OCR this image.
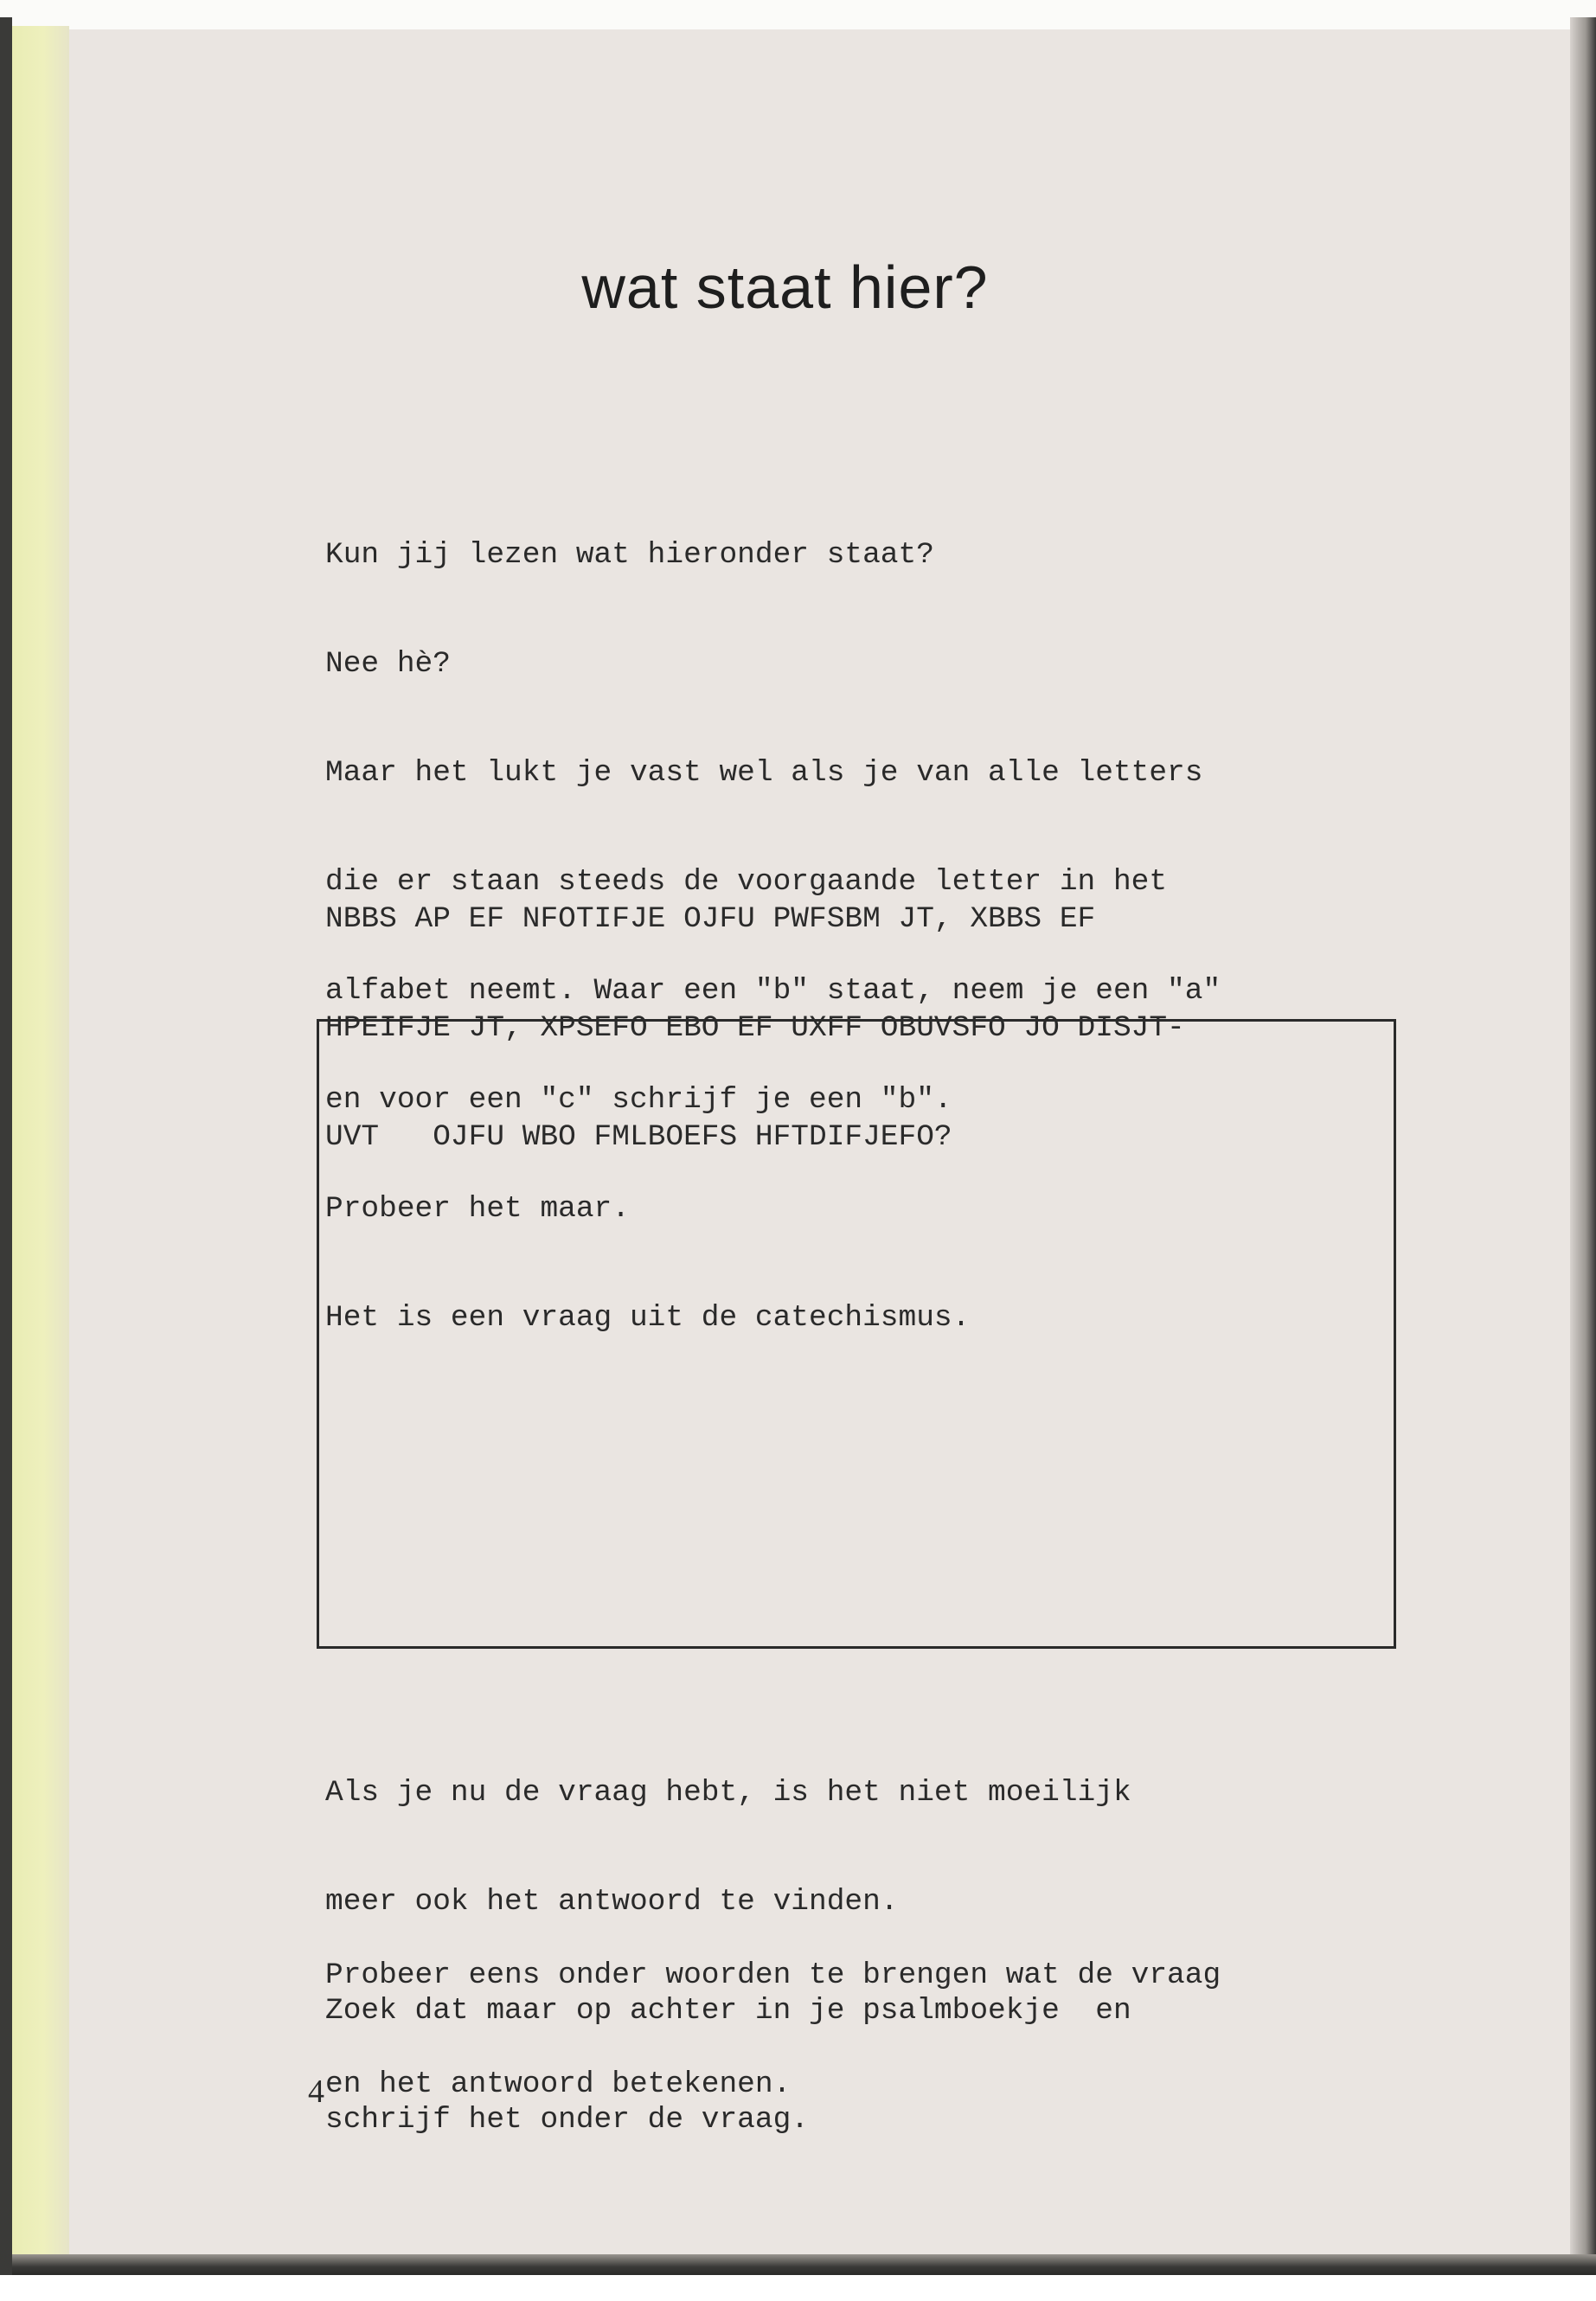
wat staat hier?

Kun jij lezen wat hieronder staat?

Nee hè?

Maar het lukt je vast wel als je van alle letters

die er staan steeds de voorgaande letter in het

alfabet neemt. Waar een "b" staat, neem je een "a"

en voor een "c" schrijf je een "b".

Probeer het maar.

Het is een vraag uit de catechismus.

NBBS AP EF NFOTIFJE OJFU PWFSBM JT, XBBS EF

HPEIFJE JT, XPSEFO EBO EF UXFF OBUVSFO JO DISJT-

UVT   OJFU WBO FMLBOEFS HFTDIFJEFO?

Als je nu de vraag hebt, is het niet moeilijk

meer ook het antwoord te vinden.

Zoek dat maar op achter in je psalmboekje  en

schrijf het onder de vraag.

Probeer eens onder woorden te brengen wat de vraag

en het antwoord betekenen.

4
